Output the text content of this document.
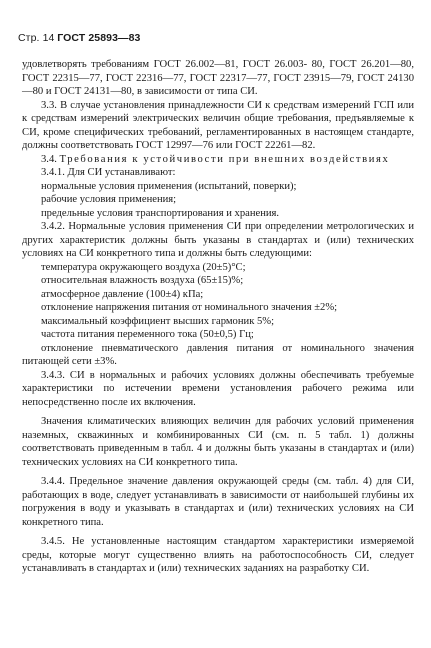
Стр. 14 ГОСТ 25893—83

удовлетворять требованиям ГОСТ 26.002—81, ГОСТ 26.003- 80, ГОСТ 26.201—80, ГОСТ 22315—77, ГОСТ 22316—77, ГОСТ 22317—77, ГОСТ 23915—79, ГОСТ 24130—80 и ГОСТ 24131—80, в зависимости от типа СИ.

3.3. В случае установления принадлежности СИ к средствам измерений ГСП или к средствам измерений электрических величин общие требования, предъявляемые к СИ, кроме специфических требований, регламентированных в настоящем стандарте, должны соответствовать ГОСТ 12997—76 или ГОСТ 22261—82.

3.4. Требования к устойчивости при внешних воздействиях

3.4.1. Для СИ устанавливают:

нормальные условия применения (испытаний, поверки);

рабочие условия применения;

предельные условия транспортирования и хранения.

3.4.2. Нормальные условия применения СИ при определении метрологических и других характеристик должны быть указаны в стандартах и (или) технических условиях на СИ конкретного типа и должны быть следующими:

температура окружающего воздуха (20±5)°С;

относительная влажность воздуха (65±15)%;

атмосферное давление (100±4) кПа;

отклонение напряжения питания от номинального значения ±2%;

максимальный коэффициент высших гармоник 5%;

частота питания переменного тока (50±0,5) Гц;

отклонение пневматического давления питания от номинального значения питающей сети ±3%.

3.4.3. СИ в нормальных и рабочих условиях должны обеспечивать требуемые характеристики по истечении времени установления рабочего режима или непосредственно после их включения.

Значения климатических влияющих величин для рабочих условий применения наземных, скважинных и комбинированных СИ (см. п. 5 табл. 1) должны соответствовать приведенным в табл. 4 и должны быть указаны в стандартах и (или) технических условиях на СИ конкретного типа.

3.4.4. Предельное значение давления окружающей среды (см. табл. 4) для СИ, работающих в воде, следует устанавливать в зависимости от наибольшей глубины их погружения в воду и указывать в стандартах и (или) технических условиях на СИ конкретного типа.

3.4.5. Не установленные настоящим стандартом характеристики измеряемой среды, которые могут существенно влиять на работоспособность СИ, следует устанавливать в стандартах и (или) технических заданиях на разработку СИ.
